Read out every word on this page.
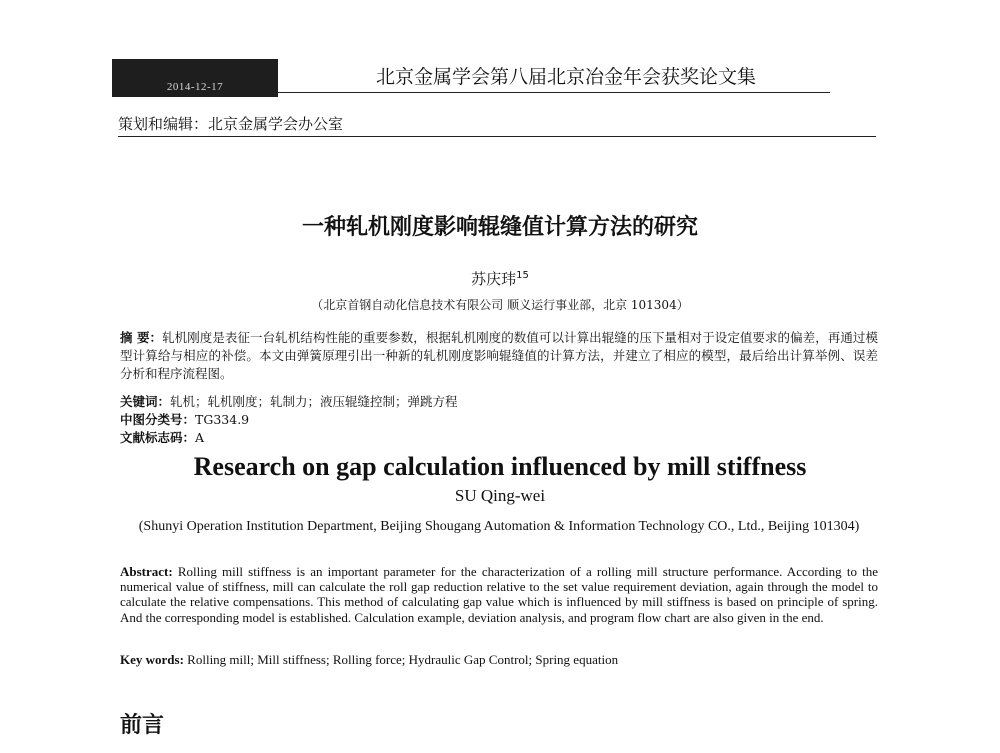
2014-12-17	北京金属学会第八届北京冶金年会获奖论文集
策划和编辑：北京金属学会办公室
一种轧机刚度影响辊缝值计算方法的研究
苏庆玮$^{15}$
（北京首钢自动化信息技术有限公司 顺义运行事业部，北京 101304）
摘 要：轧机刚度是表征一台轧机结构性能的重要参数，根据轧机刚度的数值可以计算出辊缝的压下量相对于设定值要求的偏差，再通过模型计算给与相应的补偿。本文由弹簧原理引出一种新的轧机刚度影响辊缝值的计算方法，并建立了相应的模型，最后给出计算举例、误差分析和程序流程图。
关键词：轧机；轧机刚度；轧制力；液压辊缝控制；弹跳方程
中图分类号：TG334.9
文献标志码：A
Research on gap calculation influenced by mill stiffness
SU Qing-wei
(Shunyi Operation Institution Department, Beijing Shougang Automation & Information Technology CO., Ltd., Beijing 101304)
Abstract: Rolling mill stiffness is an important parameter for the characterization of a rolling mill structure performance. According to the numerical value of stiffness, mill can calculate the roll gap reduction relative to the set value requirement deviation, again through the model to calculate the relative compensations. This method of calculating gap value which is influenced by mill stiffness is based on principle of spring. And the corresponding model is established. Calculation example, deviation analysis, and program flow chart are also given in the end.
Key words: Rolling mill; Mill stiffness; Rolling force; Hydraulic Gap Control; Spring equation
前言
